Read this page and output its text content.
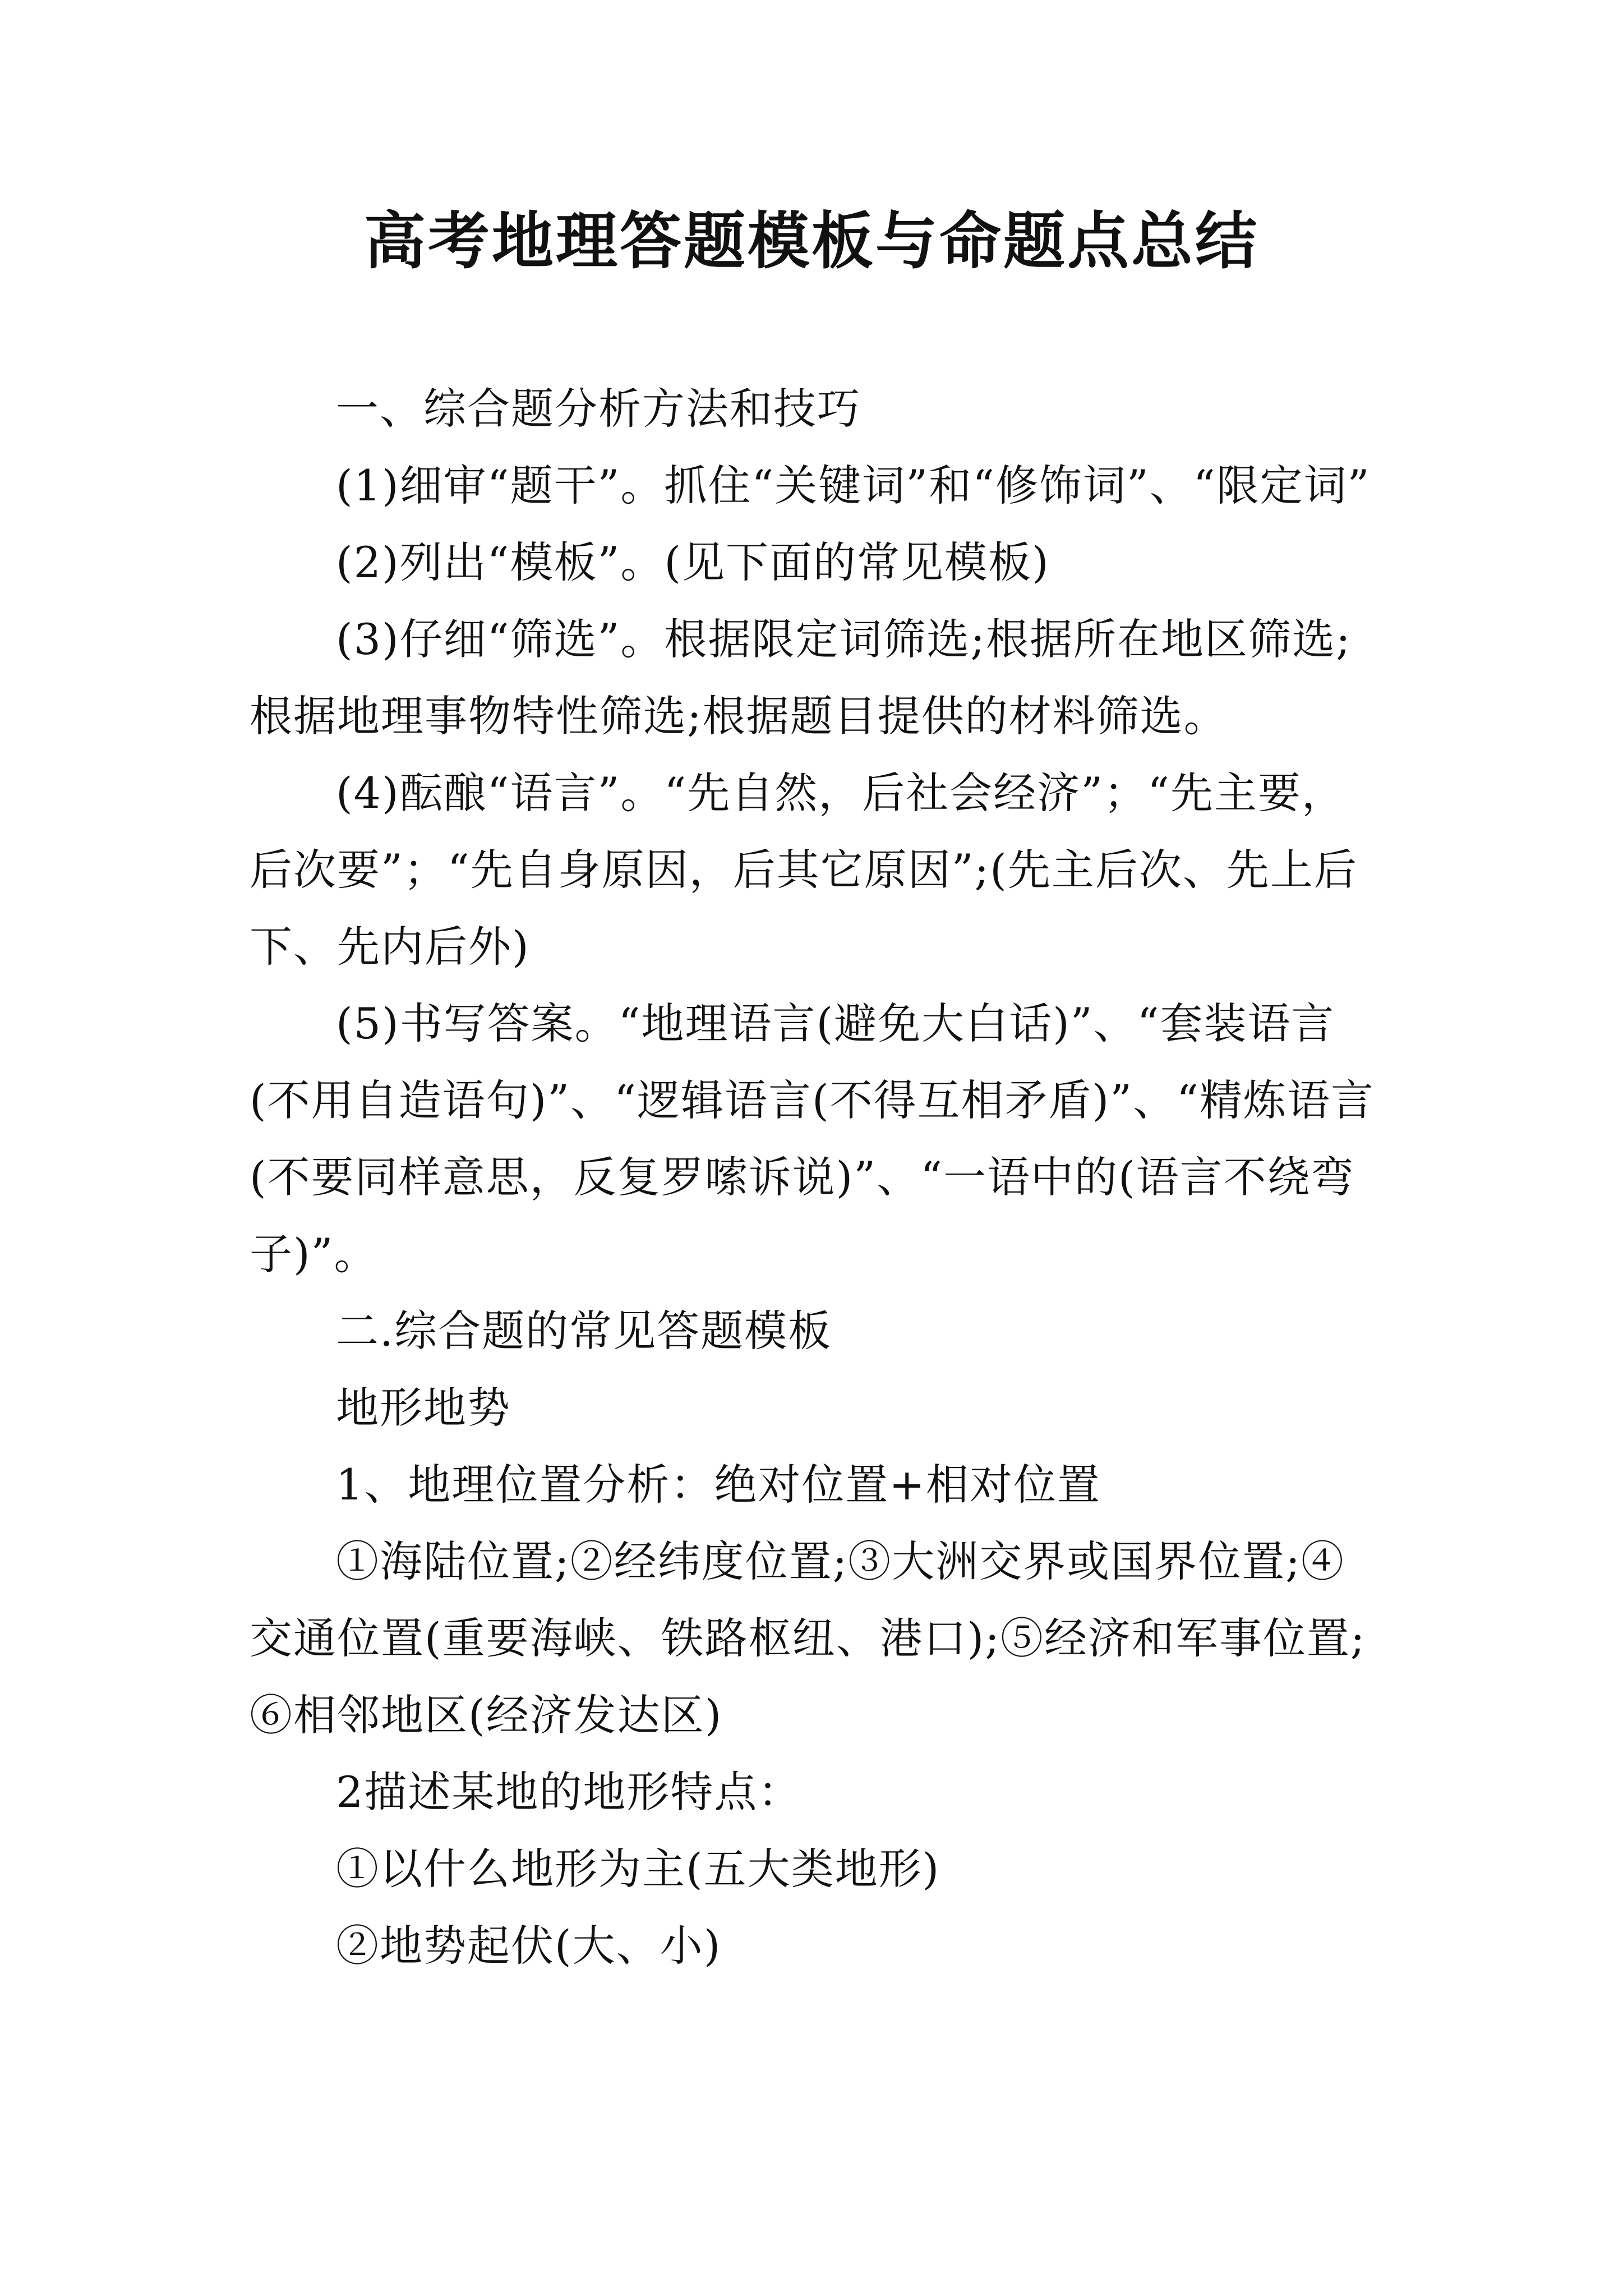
高考地理答题模板与命题点总结

一、综合题分析方法和技巧

(1)细审“题干”。抓住“关键词”和“修饰词”、“限定词”

(2)列出“模板”。(见下面的常见模板)

(3)仔细“筛选”。根据限定词筛选;根据所在地区筛选;根据地理事物特性筛选;根据题目提供的材料筛选。

(4)酝酿“语言”。“先自然，后社会经济”；“先主要，后次要”；“先自身原因，后其它原因”;(先主后次、先上后下、先内后外)

(5)书写答案。“地理语言(避免大白话)”、“套装语言(不用自造语句)”、“逻辑语言(不得互相矛盾)”、“精炼语言(不要同样意思，反复罗嗦诉说)”、“一语中的(语言不绕弯子)”。

二.综合题的常见答题模板

地形地势

1、地理位置分析：绝对位置+相对位置

①海陆位置;②经纬度位置;③大洲交界或国界位置;④交通位置(重要海峡、铁路枢纽、港口);⑤经济和军事位置;⑥相邻地区(经济发达区)

2描述某地的地形特点：

①以什么地形为主(五大类地形)

②地势起伏(大、小)
